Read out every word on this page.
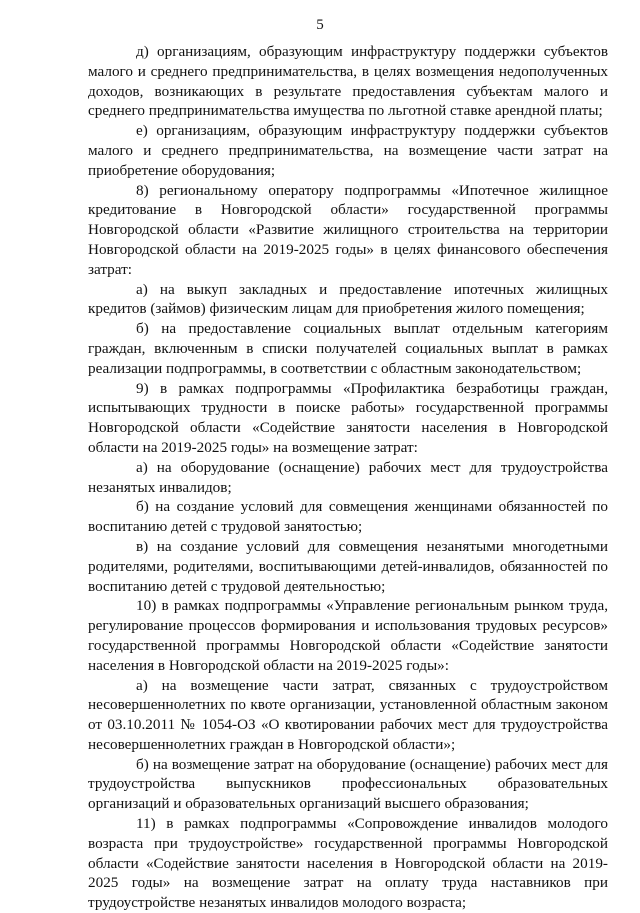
5

д) организациям, образующим инфраструктуру поддержки субъектов малого и среднего предпринимательства, в целях возмещения недополученных доходов, возникающих в результате предоставления субъектам малого и среднего предпринимательства имущества по льготной ставке арендной платы;

е) организациям, образующим инфраструктуру поддержки субъектов малого и среднего предпринимательства, на возмещение части затрат на приобретение оборудования;

8) региональному оператору подпрограммы «Ипотечное жилищное кредитование в Новгородской области» государственной программы Новгородской области «Развитие жилищного строительства на территории Новгородской области на 2019-2025 годы» в целях финансового обеспечения затрат:

а) на выкуп закладных и предоставление ипотечных жилищных кредитов (займов) физическим лицам для приобретения жилого помещения;

б) на предоставление социальных выплат отдельным категориям граждан, включенным в списки получателей социальных выплат в рамках реализации подпрограммы, в соответствии с областным законодательством;

9) в рамках подпрограммы «Профилактика безработицы граждан, испытывающих трудности в поиске работы» государственной программы Новгородской области «Содействие занятости населения в Новгородской области на 2019-2025 годы» на возмещение затрат:

а) на оборудование (оснащение) рабочих мест для трудоустройства незанятых инвалидов;

б) на создание условий для совмещения женщинами обязанностей по воспитанию детей с трудовой занятостью;

в) на создание условий для совмещения незанятыми многодетными родителями, родителями, воспитывающими детей-инвалидов, обязанностей по воспитанию детей с трудовой деятельностью;

10) в рамках подпрограммы «Управление региональным рынком труда, регулирование процессов формирования и использования трудовых ресурсов» государственной программы Новгородской области «Содействие занятости населения в Новгородской области на 2019-2025 годы»:

а) на возмещение части затрат, связанных с трудоустройством несовершеннолетних по квоте организации, установленной областным законом от 03.10.2011 № 1054-ОЗ «О квотировании рабочих мест для трудоустройства несовершеннолетних граждан в Новгородской области»;

б) на возмещение затрат на оборудование (оснащение) рабочих мест для трудоустройства выпускников профессиональных образовательных организаций и образовательных организаций высшего образования;

11) в рамках подпрограммы «Сопровождение инвалидов молодого возраста при трудоустройстве» государственной программы Новгородской области «Содействие занятости населения в Новгородской области на 2019-2025 годы» на возмещение затрат на оплату труда наставников при трудоустройстве незанятых инвалидов молодого возраста;
